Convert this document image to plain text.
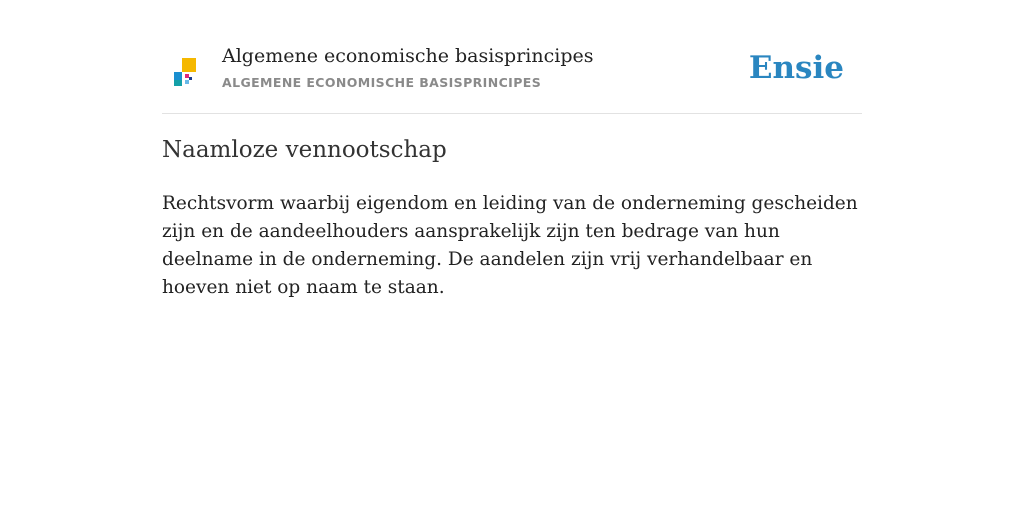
Algemene economische basisprincipes
ALGEMENE ECONOMISCHE BASISPRINCIPES	Ensie
Naamloze vennootschap

Rechtsvorm waarbij eigendom en leiding van de onderneming gescheiden zijn en de aandeelhouders aansprakelijk zijn ten bedrage van hun deelname in de onderneming. De aandelen zijn vrij verhandelbaar en hoeven niet op naam te staan.
